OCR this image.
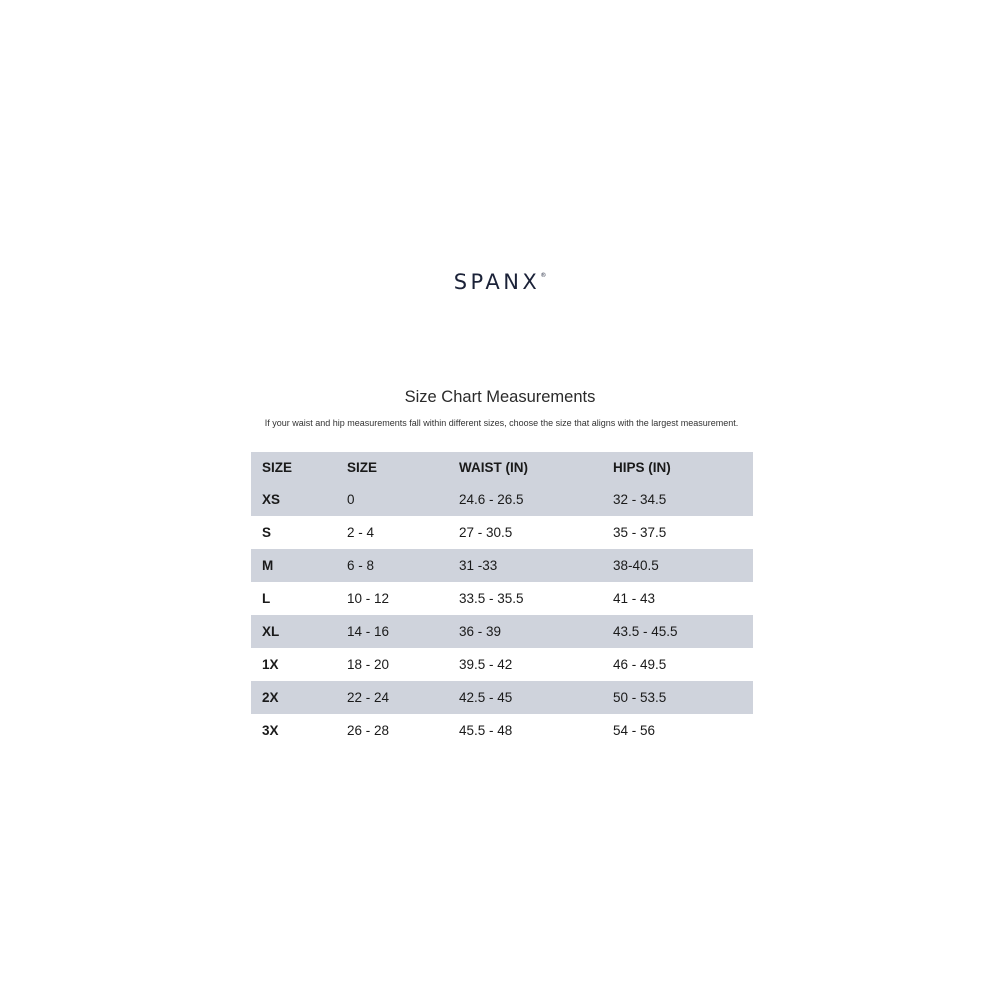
SPANX®
Size Chart Measurements
If your waist and hip measurements fall within different sizes, choose the size that aligns with the largest measurement.
SIZE	SIZE	WAIST (IN)	HIPS (IN)
XS	0	24.6 - 26.5	32 - 34.5
S	2 - 4	27 - 30.5	35 - 37.5
M	6 - 8	31 -33	38-40.5
L	10 - 12	33.5 - 35.5	41 - 43
XL	14 - 16	36 - 39	43.5 - 45.5
1X	18 - 20	39.5 - 42	46 - 49.5
2X	22 - 24	42.5 - 45	50 - 53.5
3X	26 - 28	45.5 - 48	54 - 56
